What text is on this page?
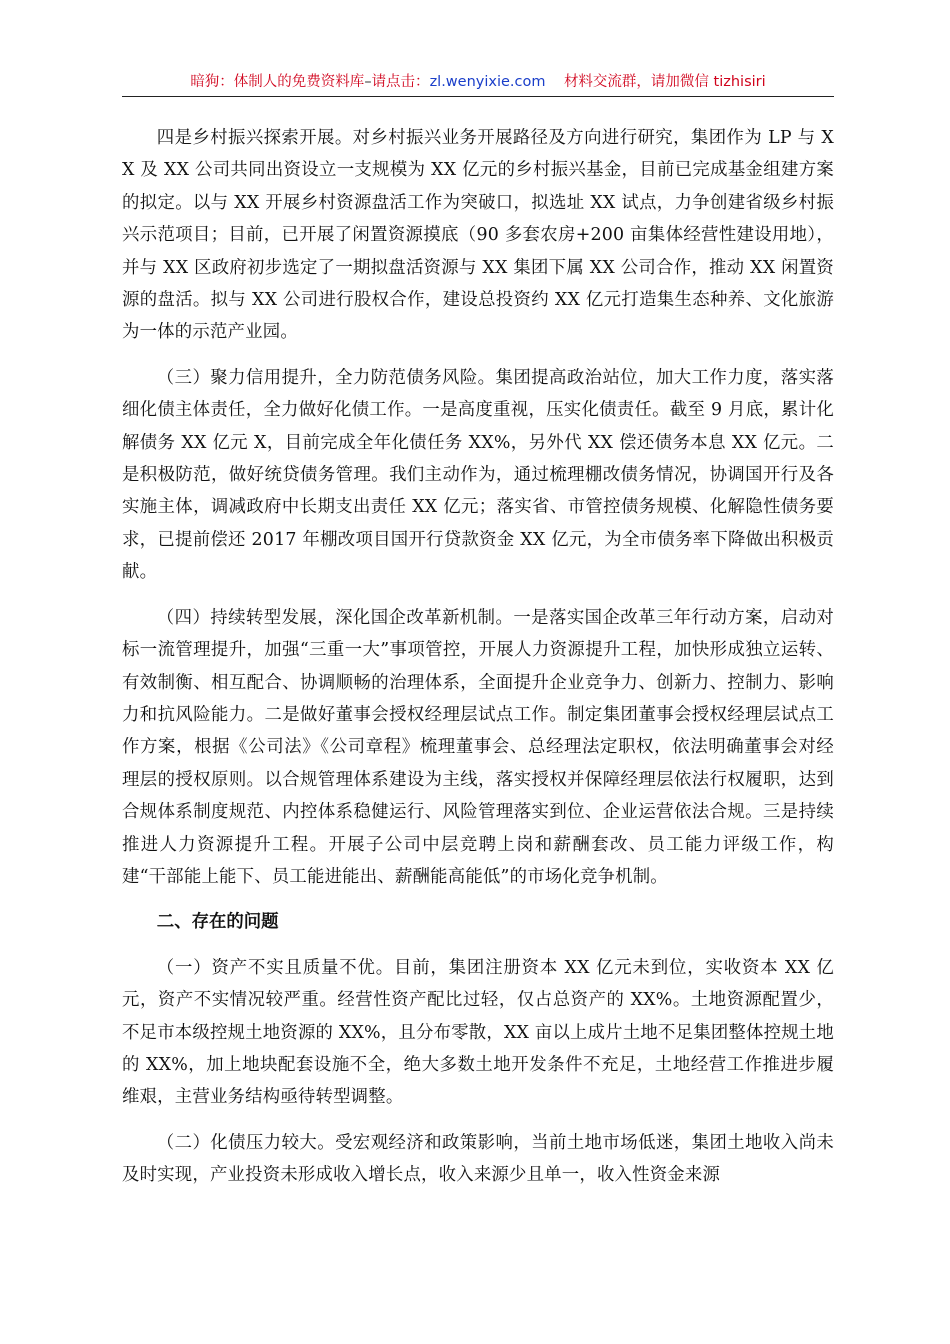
暗狗：体制人的免费资料库–请点击：zl.wenyixie.com 材料交流群，请加微信 tizhisiri

四是乡村振兴探索开展。对乡村振兴业务开展路径及方向进行研究，集团作为 LP 与 XX 及 XX 公司共同出资设立一支规模为 XX 亿元的乡村振兴基金，目前已完成基金组建方案的拟定。以与 XX 开展乡村资源盘活工作为突破口，拟选址 XX 试点，力争创建省级乡村振兴示范项目；目前，已开展了闲置资源摸底（90 多套农房+200 亩集体经营性建设用地），并与 XX 区政府初步选定了一期拟盘活资源与 XX 集团下属 XX 公司合作，推动 XX 闲置资源的盘活。拟与 XX 公司进行股权合作，建设总投资约 XX 亿元打造集生态种养、文化旅游为一体的示范产业园。

（三）聚力信用提升，全力防范债务风险。集团提高政治站位，加大工作力度，落实落细化债主体责任，全力做好化债工作。一是高度重视，压实化债责任。截至 9 月底，累计化解债务 XX 亿元 X，目前完成全年化债任务 XX%，另外代 XX 偿还债务本息 XX 亿元。二是积极防范，做好统贷债务管理。我们主动作为，通过梳理棚改债务情况，协调国开行及各实施主体，调减政府中长期支出责任 XX 亿元；落实省、市管控债务规模、化解隐性债务要求，已提前偿还 2017 年棚改项目国开行贷款资金 XX 亿元，为全市债务率下降做出积极贡献。

（四）持续转型发展，深化国企改革新机制。一是落实国企改革三年行动方案，启动对标一流管理提升，加强“三重一大”事项管控，开展人力资源提升工程，加快形成独立运转、有效制衡、相互配合、协调顺畅的治理体系，全面提升企业竞争力、创新力、控制力、影响力和抗风险能力。二是做好董事会授权经理层试点工作。制定集团董事会授权经理层试点工作方案，根据《公司法》《公司章程》梳理董事会、总经理法定职权，依法明确董事会对经理层的授权原则。以合规管理体系建设为主线，落实授权并保障经理层依法行权履职，达到合规体系制度规范、内控体系稳健运行、风险管理落实到位、企业运营依法合规。三是持续推进人力资源提升工程。开展子公司中层竞聘上岗和薪酬套改、员工能力评级工作，构建“干部能上能下、员工能进能出、薪酬能高能低”的市场化竞争机制。

二、存在的问题

（一）资产不实且质量不优。目前，集团注册资本 XX 亿元未到位，实收资本 XX 亿元，资产不实情况较严重。经营性资产配比过轻，仅占总资产的 XX%。土地资源配置少，不足市本级控规土地资源的 XX%，且分布零散，XX 亩以上成片土地不足集团整体控规土地的 XX%，加上地块配套设施不全，绝大多数土地开发条件不充足，土地经营工作推进步履维艰，主营业务结构亟待转型调整。

（二）化债压力较大。受宏观经济和政策影响，当前土地市场低迷，集团土地收入尚未及时实现，产业投资未形成收入增长点，收入来源少且单一，收入性资金来源
